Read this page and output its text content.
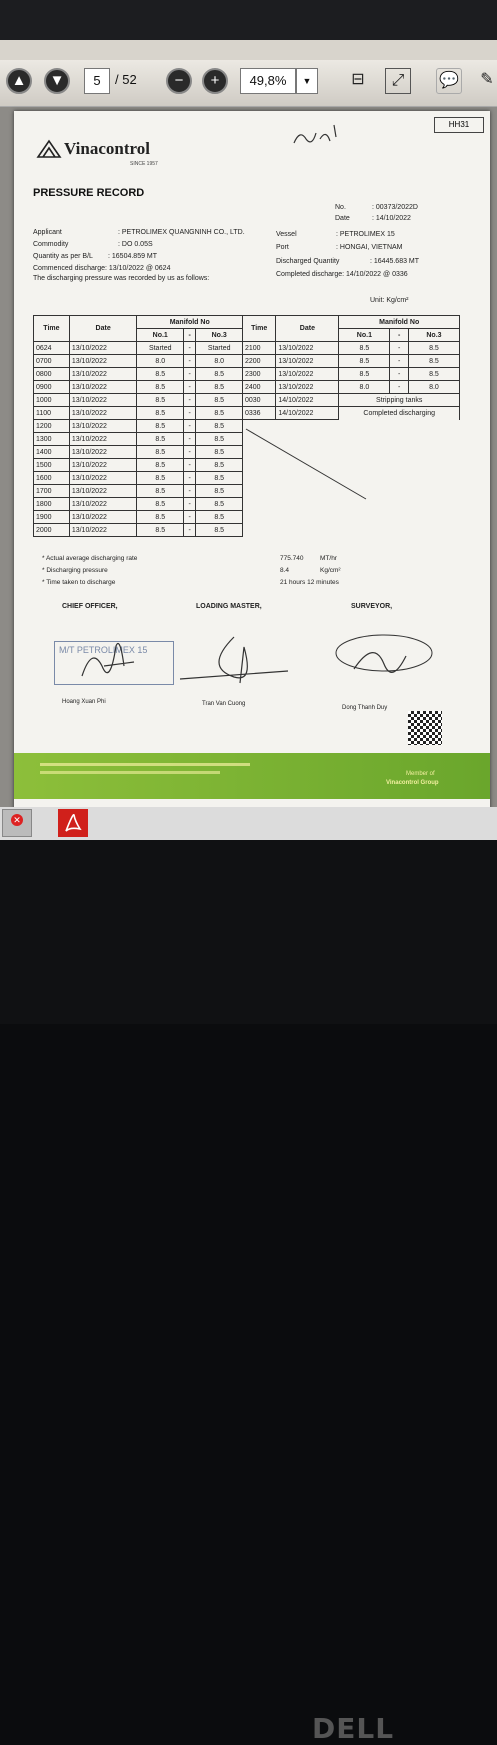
▲	▼	5	/ 52	−	+	49,8%	▼	⊟	⤢	💬	✎
HH31
Vinacontrol
SINCE 1957
PRESSURE RECORD
No.	: 00373/2022D
Date	: 14/10/2022
Applicant	: PETROLIMEX QUANGNINH CO., LTD.
Commodity	: DO 0.05S
Quantity as per B/L : 16504.859 MT
Commenced discharge: 13/10/2022 @ 0624
The discharging pressure was recorded by us as follows:
Vessel	: PETROLIMEX 15
Port	: HONGAI, VIETNAM
Discharged Quantity	: 16445.683 MT
Completed discharge: 14/10/2022 @ 0336
Unit: Kg/cm²
Time	Date	Manifold No		
		No.1	-	No.3
0624	13/10/2022	Started	-	Started
0700	13/10/2022	8.0	-	8.0
0800	13/10/2022	8.5	-	8.5
0900	13/10/2022	8.5	-	8.5
1000	13/10/2022	8.5	-	8.5
1100	13/10/2022	8.5	-	8.5
1200	13/10/2022	8.5	-	8.5
1300	13/10/2022	8.5	-	8.5
1400	13/10/2022	8.5	-	8.5
1500	13/10/2022	8.5	-	8.5
1600	13/10/2022	8.5	-	8.5
1700	13/10/2022	8.5	-	8.5
1800	13/10/2022	8.5	-	8.5
1900	13/10/2022	8.5	-	8.5
2000	13/10/2022	8.5	-	8.5
Time	Date	Manifold No		
		No.1	-	No.3
2100	13/10/2022	8.5	-	8.5
2200	13/10/2022	8.5	-	8.5
2300	13/10/2022	8.5	-	8.5
2400	13/10/2022	8.0	-	8.0
0030	14/10/2022	Stripping tanks		
0336	14/10/2022	Completed discharging		
* Actual average discharging rate	775.740	MT/hr
* Discharging pressure	8.4	Kg/cm²
* Time taken to discharge	21 hours 12 minutes
CHIEF OFFICER,	LOADING MASTER,	SURVEYOR,
M/T PETROLIMEX 15
Hoang Xuan Phi	Tran Van Cuong
Dong Thanh Duy
Member of
Vinacontrol Group
✕
DELL
